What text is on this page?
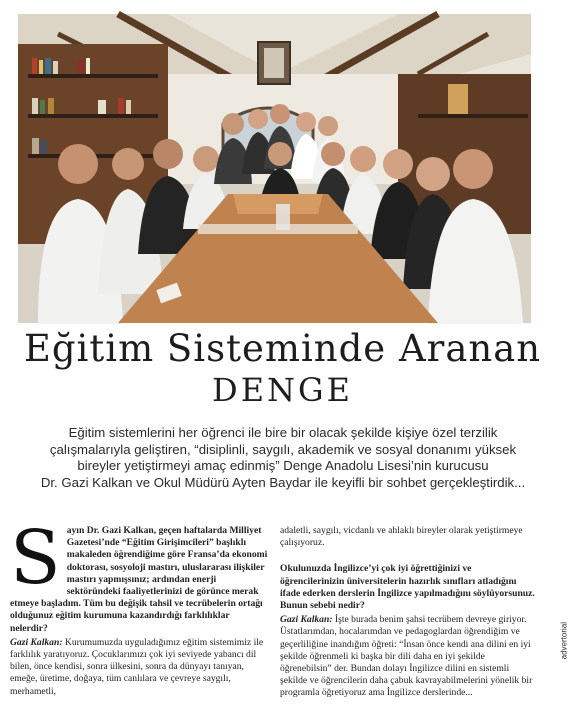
Eğitim Sisteminde Aranan
DENGE
Eğitim sistemlerini her öğrenci ile bire bir olacak şekilde kişiye özel terzilik
çalışmalarıyla geliştiren, “disiplinli, saygılı, akademik ve sosyal donanımı yüksek
bireyler yetiştirmeyi amaç edinmiş” Denge Anadolu Lisesi’nin kurucusu
Dr. Gazi Kalkan ve Okul Müdürü Ayten Baydar ile keyifli bir sohbet gerçekleştirdik...
S ayın Dr. Gazi Kalkan, geçen haftalarda Milliyet Gazetesi’nde “Eğitim Girişimcileri” başlıklı makaleden öğrendiğime göre Fransa’da ekonomi doktorası, sosyoloji mastırı, uluslararası ilişkiler mastırı yapmışsınız; ardından enerji sektöründeki faaliyetlerinizi de görünce merak etmeye başladım. Tüm bu değişik tahsil ve tecrübelerin ortağı olduğunuz eğitim kurumuna kazandırdığı farklılıklar nelerdir?

Gazi Kalkan: Kurumumuzda uyguladığımız eğitim sistemimiz ile farklılık yaratıyoruz. Çocuklarımızı çok iyi seviyede yabancı dil bilen, önce kendisi, sonra ülkesini, sonra da dünyayı tanıyan, emeğe, üretime, doğaya, tüm canlılara ve çevreye saygılı, merhametli,

adaletli, saygılı, vicdanlı ve ahlaklı bireyler olarak yetiştirmeye çalışıyoruz.

Okulunuzda İngilizce’yi çok iyi öğrettiğinizi ve öğrencilerinizin üniversitelerin hazırlık sınıfları atladığını ifade ederken derslerin İngilizce yapılmadığını söylüyorsunuz. Bunun sebebi nedir?

Gazi Kalkan: İşte burada benim şahsi tecrübem devreye giriyor. Üstatlarımdan, hocalarımdan ve pedagoglardan öğrendiğim ve geçerliliğine inandığım öğreti: “İnsan önce kendi ana dilini en iyi şekilde öğrenmeli ki başka bir dili daha en iyi şekilde öğrenebilsin” der. Bundan dolayı İngilizce dilini en sistemli şekilde ve öğrencilerin daha çabuk kavrayabilmelerini yönelik bir programla öğretiyoruz ama İngilizce derslerinde...

advertorial
